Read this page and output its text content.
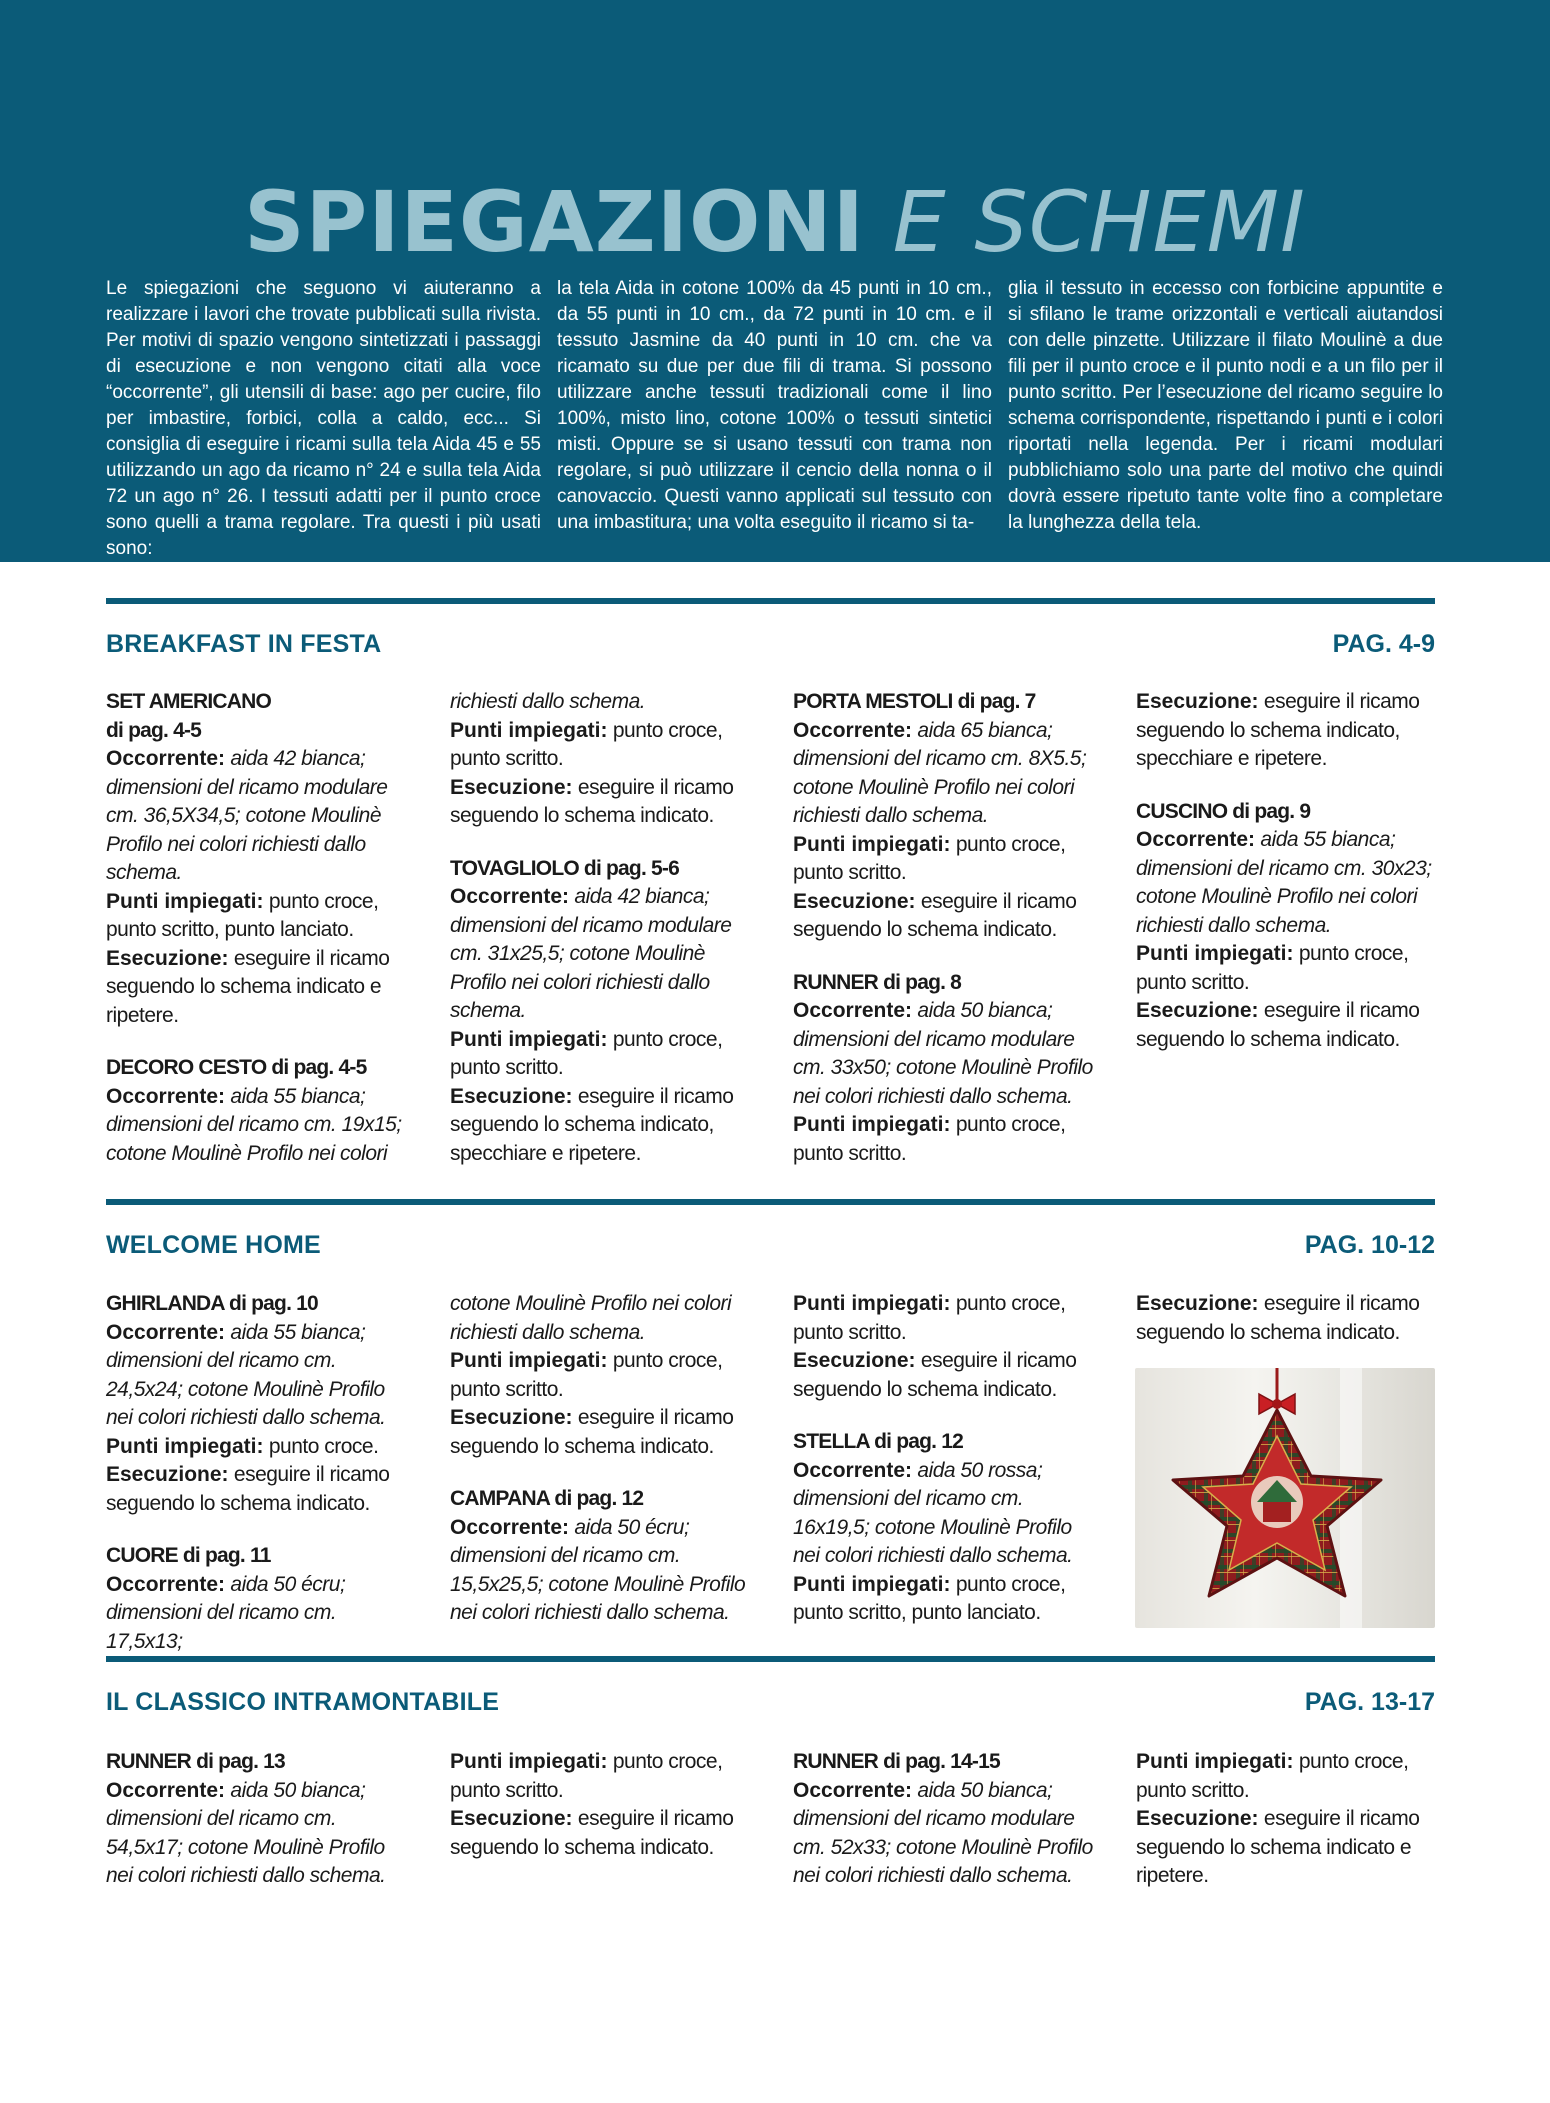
SPIEGAZIONI E SCHEMI
Le spiegazioni che seguono vi aiuteranno a realizzare i lavori che trovate pubblicati sulla rivista. Per motivi di spazio vengono sintetizzati i passaggi di esecuzione e non vengono citati alla voce “occorrente”, gli utensili di base: ago per cucire, filo per imbastire, forbici, colla a caldo, ecc... Si consiglia di eseguire i ricami sulla tela Aida 45 e 55 utilizzando un ago da ricamo n° 24 e sulla tela Aida 72 un ago n° 26. I tessuti adatti per il punto croce sono quelli a trama regolare. Tra questi i più usati sono:
la tela Aida in cotone 100% da 45 punti in 10 cm., da 55 punti in 10 cm., da 72 punti in 10 cm. e il tessuto Jasmine da 40 punti in 10 cm. che va ricamato su due per due fili di trama. Si possono utilizzare anche tessuti tradizionali come il lino 100%, misto lino, cotone 100% o tessuti sintetici misti. Oppure se si usano tessuti con trama non regolare, si può utilizzare il cencio della nonna o il canovaccio. Questi vanno applicati sul tessuto con una imbastitura; una volta eseguito il ricamo si ta-
glia il tessuto in eccesso con forbicine appuntite e si sfilano le trame orizzontali e verticali aiutandosi con delle pinzette. Utilizzare il filato Moulinè a due fili per il punto croce e il punto nodi e a un filo per il punto scritto. Per l’esecuzione del ricamo seguire lo schema corrispondente, rispettando i punti e i colori riportati nella legenda. Per i ricami modulari pubblichiamo solo una parte del motivo che quindi dovrà essere ripetuto tante volte fino a completare la lunghezza della tela.
BREAKFAST IN FESTA	PAG. 4-9
SET AMERICANO
di pag. 4-5
Occorrente: aida 42 bianca; dimensioni del ricamo modulare cm. 36,5X34,5; cotone Moulinè Profilo nei colori richiesti dallo schema.
Punti impiegati: punto croce, punto scritto, punto lanciato.
Esecuzione: eseguire il ricamo seguendo lo schema indicato e ripetere.
DECORO CESTO di pag. 4-5
Occorrente: aida 55 bianca; dimensioni del ricamo cm. 19x15; cotone Moulinè Profilo nei colori
richiesti dallo schema.
Punti impiegati: punto croce, punto scritto.
Esecuzione: eseguire il ricamo seguendo lo schema indicato.
TOVAGLIOLO di pag. 5-6
Occorrente: aida 42 bianca; dimensioni del ricamo modulare cm. 31x25,5; cotone Moulinè Profilo nei colori richiesti dallo schema.
Punti impiegati: punto croce, punto scritto.
Esecuzione: eseguire il ricamo seguendo lo schema indicato, specchiare e ripetere.
PORTA MESTOLI di pag. 7
Occorrente: aida 65 bianca; dimensioni del ricamo cm. 8X5.5; cotone Moulinè Profilo nei colori richiesti dallo schema.
Punti impiegati: punto croce, punto scritto.
Esecuzione: eseguire il ricamo seguendo lo schema indicato.
RUNNER di pag. 8
Occorrente: aida 50 bianca; dimensioni del ricamo modulare cm. 33x50; cotone Moulinè Profilo nei colori richiesti dallo schema.
Punti impiegati: punto croce, punto scritto.
Esecuzione: eseguire il ricamo seguendo lo schema indicato, specchiare e ripetere.
CUSCINO di pag. 9
Occorrente: aida 55 bianca; dimensioni del ricamo cm. 30x23; cotone Moulinè Profilo nei colori richiesti dallo schema.
Punti impiegati: punto croce, punto scritto.
Esecuzione: eseguire il ricamo seguendo lo schema indicato.
WELCOME HOME	PAG. 10-12
GHIRLANDA di pag. 10
Occorrente: aida 55 bianca; dimensioni del ricamo cm. 24,5x24; cotone Moulinè Profilo nei colori richiesti dallo schema.
Punti impiegati: punto croce.
Esecuzione: eseguire il ricamo seguendo lo schema indicato.
CUORE di pag. 11
Occorrente: aida 50 écru; dimensioni del ricamo cm. 17,5x13;
cotone Moulinè Profilo nei colori richiesti dallo schema.
Punti impiegati: punto croce, punto scritto.
Esecuzione: eseguire il ricamo seguendo lo schema indicato.
CAMPANA di pag. 12
Occorrente: aida 50 écru; dimensioni del ricamo cm. 15,5x25,5; cotone Moulinè Profilo nei colori richiesti dallo schema.
Punti impiegati: punto croce, punto scritto.
Esecuzione: eseguire il ricamo seguendo lo schema indicato.
STELLA di pag. 12
Occorrente: aida 50 rossa; dimensioni del ricamo cm. 16x19,5; cotone Moulinè Profilo nei colori richiesti dallo schema.
Punti impiegati: punto croce, punto scritto, punto lanciato.
Esecuzione: eseguire il ricamo seguendo lo schema indicato.
IL CLASSICO INTRAMONTABILE	PAG. 13-17
RUNNER di pag. 13
Occorrente: aida 50 bianca; dimensioni del ricamo cm. 54,5x17; cotone Moulinè Profilo nei colori richiesti dallo schema.
Punti impiegati: punto croce, punto scritto.
Esecuzione: eseguire il ricamo seguendo lo schema indicato.
RUNNER di pag. 14-15
Occorrente: aida 50 bianca; dimensioni del ricamo modulare cm. 52x33; cotone Moulinè Profilo nei colori richiesti dallo schema.
Punti impiegati: punto croce, punto scritto.
Esecuzione: eseguire il ricamo seguendo lo schema indicato e ripetere.
